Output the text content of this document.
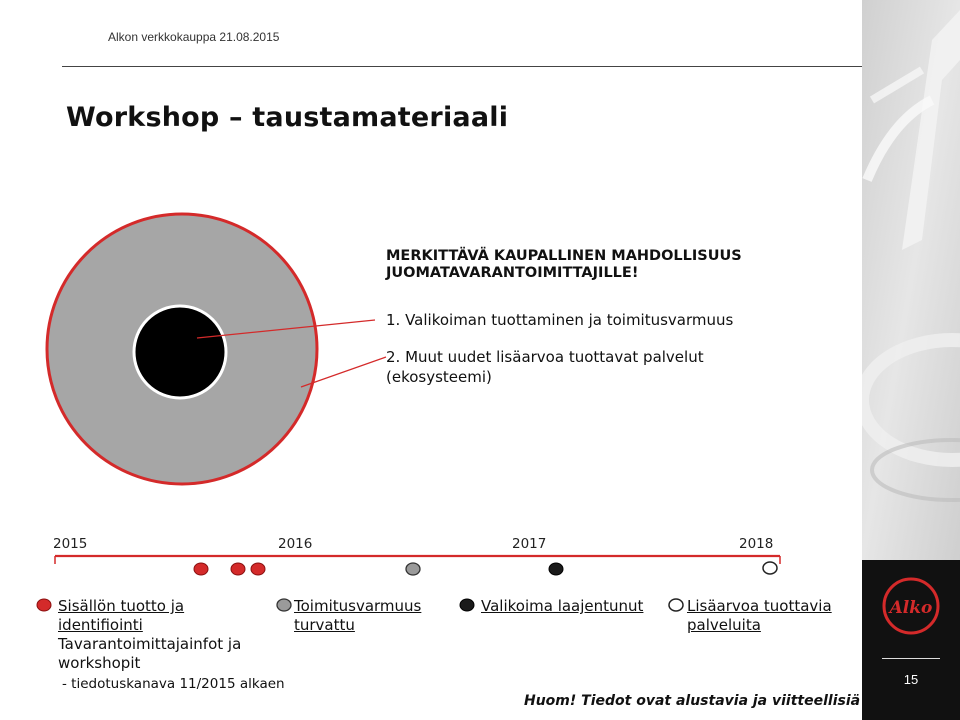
Alkon verkkokauppa 21.08.2015
Workshop – taustamateriaali
Alko
15
MERKITTÄVÄ KAUPALLINEN MAHDOLLISUUS
JUOMATAVARANTOIMITTAJILLE!
1. Valikoiman tuottaminen ja toimitusvarmuus
2. Muut uudet lisäarvoa tuottavat palvelut
(ekosysteemi)
2015	2016	2017	2018
Sisällön tuotto ja
identifiointi
Tavarantoimittajainfot ja
workshopit
- tiedotuskanava 11/2015 alkaen
Toimitusvarmuus
turvattu
Valikoima laajentunut	Lisäarvoa tuottavia
palveluita
Huom! Tiedot ovat alustavia ja viitteellisiä
